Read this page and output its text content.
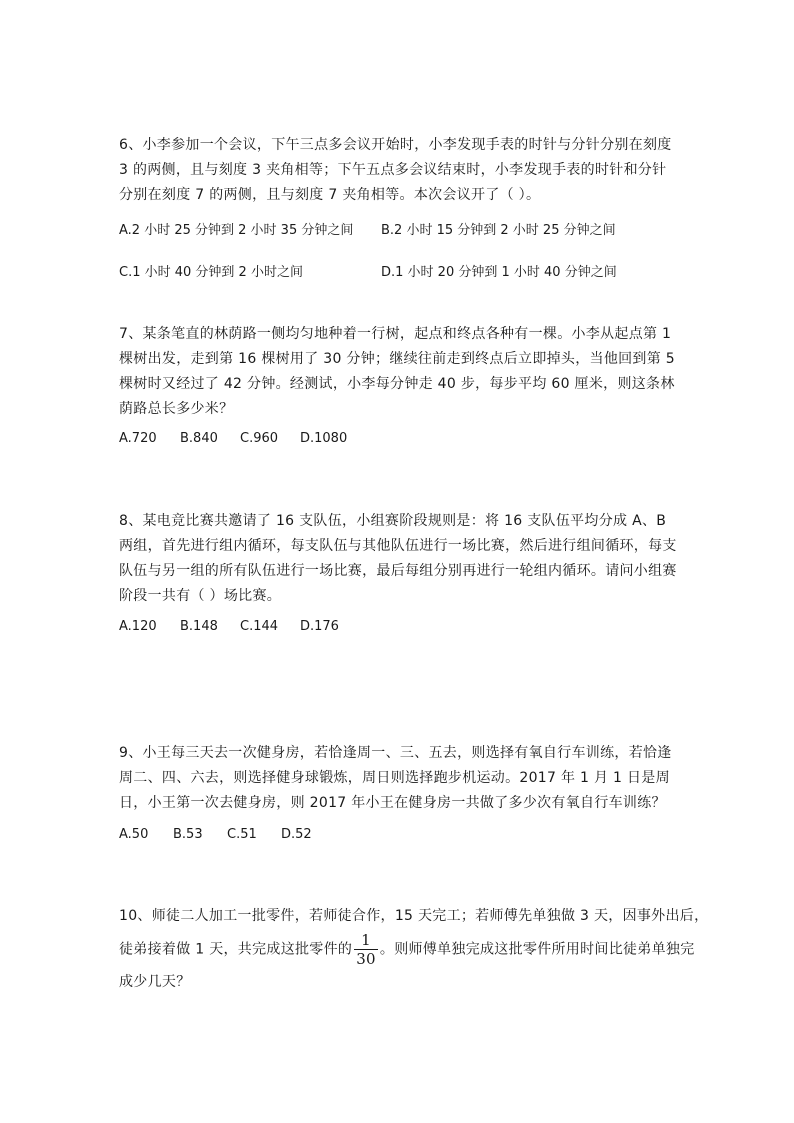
6、小李参加一个会议，下午三点多会议开始时，小李发现手表的时针与分针分别在刻度 3 的两侧，且与刻度 3 夹角相等；下午五点多会议结束时，小李发现手表的时针和分针分别在刻度 7 的两侧，且与刻度 7 夹角相等。本次会议开了（ ）。
A.2 小时 25 分钟到 2 小时 35 分钟之间 B.2 小时 15 分钟到 2 小时 25 分钟之间
C.1 小时 40 分钟到 2 小时之间	D.1 小时 20 分钟到 1 小时 40 分钟之间
7、某条笔直的林荫路一侧均匀地种着一行树，起点和终点各种有一棵。小李从起点第 1 棵树出发，走到第 16 棵树用了 30 分钟；继续往前走到终点后立即掉头，当他回到第 5 棵树时又经过了 42 分钟。经测试，小李每分钟走 40 步，每步平均 60 厘米，则这条林荫路总长多少米？
A.720 B.840 C.960 D.1080
8、某电竞比赛共邀请了 16 支队伍，小组赛阶段规则是：将 16 支队伍平均分成 A、B 两组，首先进行组内循环，每支队伍与其他队伍进行一场比赛，然后进行组间循环，每支队伍与另一组的所有队伍进行一场比赛，最后每组分别再进行一轮组内循环。请问小组赛阶段一共有（ ）场比赛。
A.120 B.148 C.144 D.176
9、小王每三天去一次健身房，若恰逢周一、三、五去，则选择有氧自行车训练，若恰逢周二、四、六去，则选择健身球锻炼，周日则选择跑步机运动。2017 年 1 月 1 日是周日，小王第一次去健身房，则 2017 年小王在健身房一共做了多少次有氧自行车训练？
A.50 B.53 C.51 D.52
10、师徒二人加工一批零件，若师徒合作，15 天完工；若师傅先单独做 3 天，因事外出后，
徒弟接着做 1 天，共完成这批零件的 $\frac{1}{30}$ 。则师傅单独完成这批零件所用时间比徒弟单独完
成少几天？
